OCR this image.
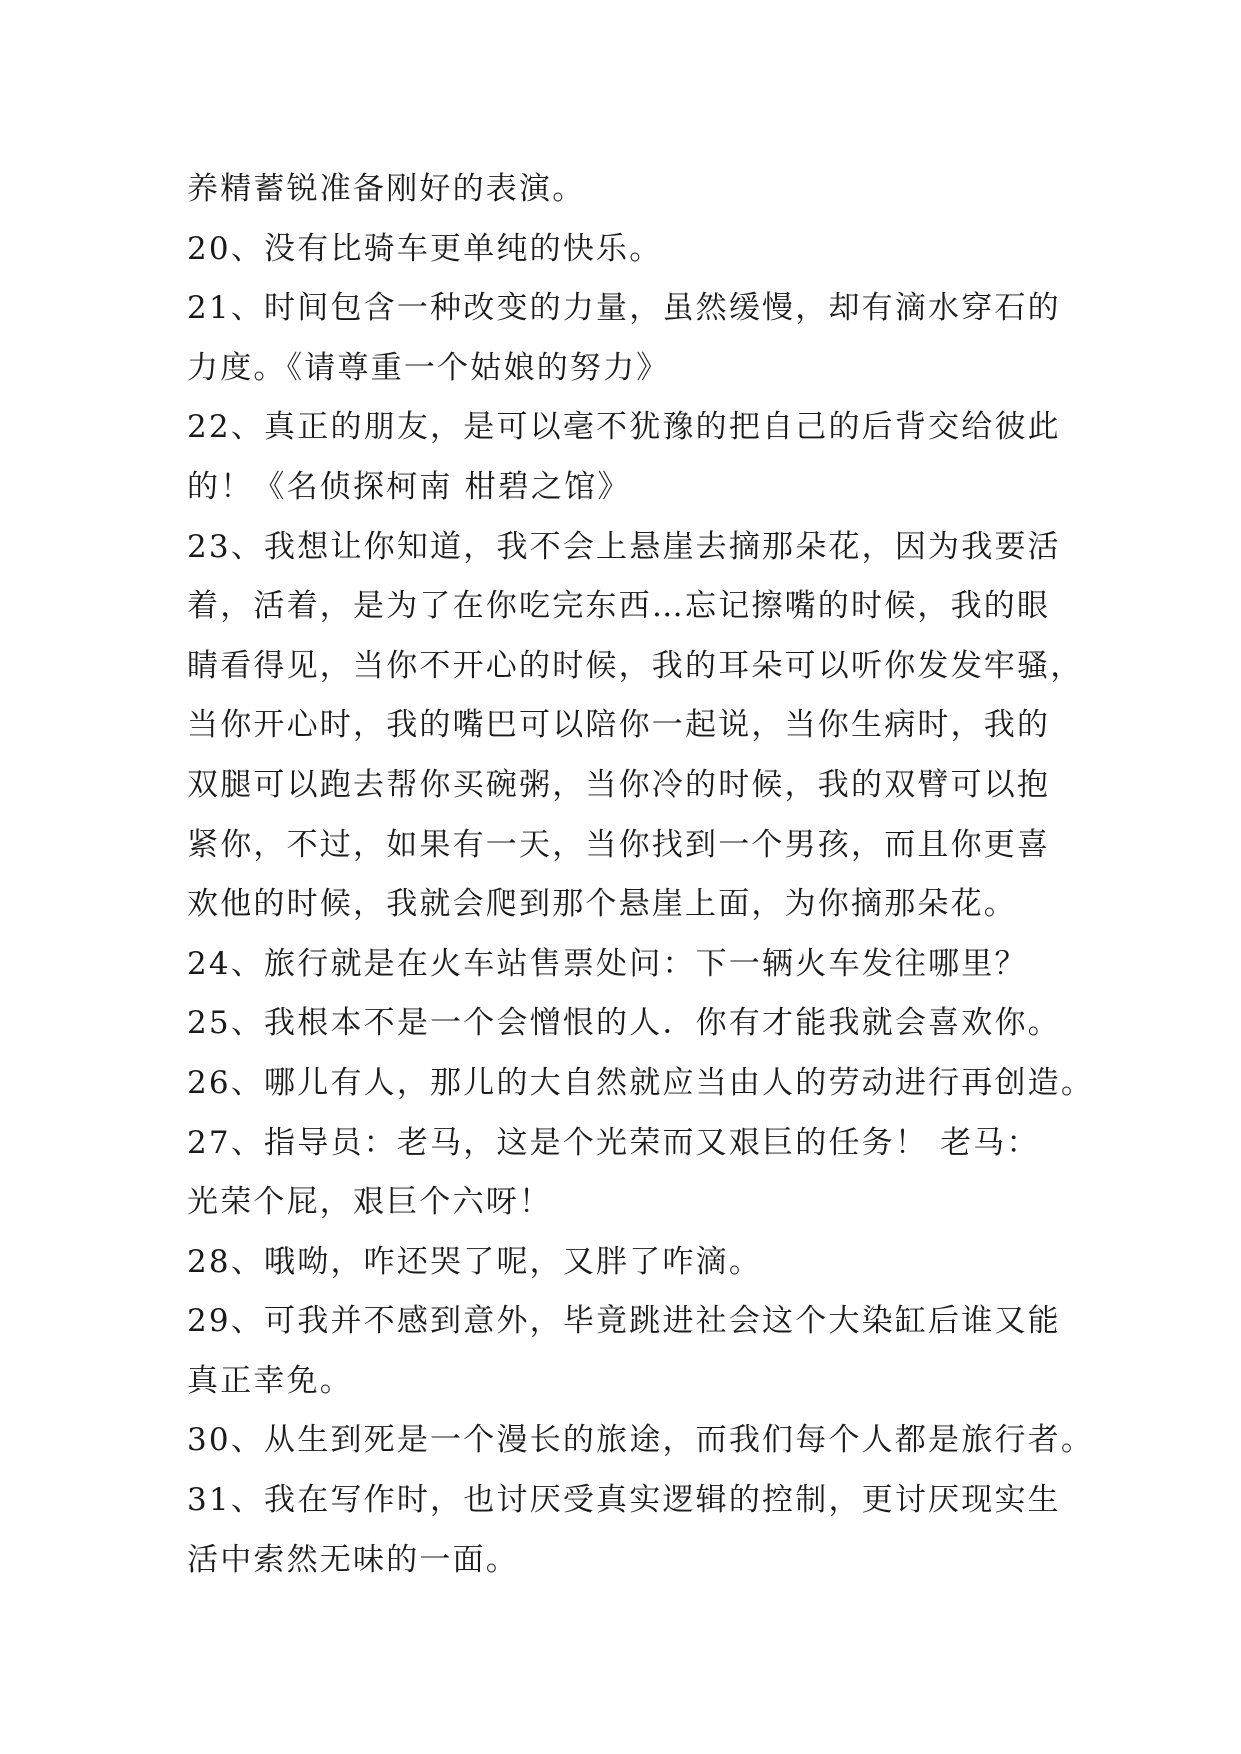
养精蓄锐准备刚好的表演。
20、没有比骑车更单纯的快乐。
21、时间包含一种改变的力量，虽然缓慢，却有滴水穿石的
力度。《请尊重一个姑娘的努力》
22、真正的朋友，是可以毫不犹豫的把自己的后背交给彼此
的！《名侦探柯南 柑碧之馆》
23、我想让你知道，我不会上悬崖去摘那朵花，因为我要活
着，活着，是为了在你吃完东西…忘记擦嘴的时候，我的眼
睛看得见，当你不开心的时候，我的耳朵可以听你发发牢骚，
当你开心时，我的嘴巴可以陪你一起说，当你生病时，我的
双腿可以跑去帮你买碗粥，当你冷的时候，我的双臂可以抱
紧你，不过，如果有一天，当你找到一个男孩，而且你更喜
欢他的时候，我就会爬到那个悬崖上面，为你摘那朵花。
24、旅行就是在火车站售票处问：下一辆火车发往哪里？
25、我根本不是一个会憎恨的人．你有才能我就会喜欢你。
26、哪儿有人，那儿的大自然就应当由人的劳动进行再创造。
27、指导员：老马，这是个光荣而又艰巨的任务！ 老马：
光荣个屁，艰巨个六呀！
28、哦呦，咋还哭了呢，又胖了咋滴。
29、可我并不感到意外，毕竟跳进社会这个大染缸后谁又能
真正幸免。
30、从生到死是一个漫长的旅途，而我们每个人都是旅行者。
31、我在写作时，也讨厌受真实逻辑的控制，更讨厌现实生
活中索然无味的一面。
